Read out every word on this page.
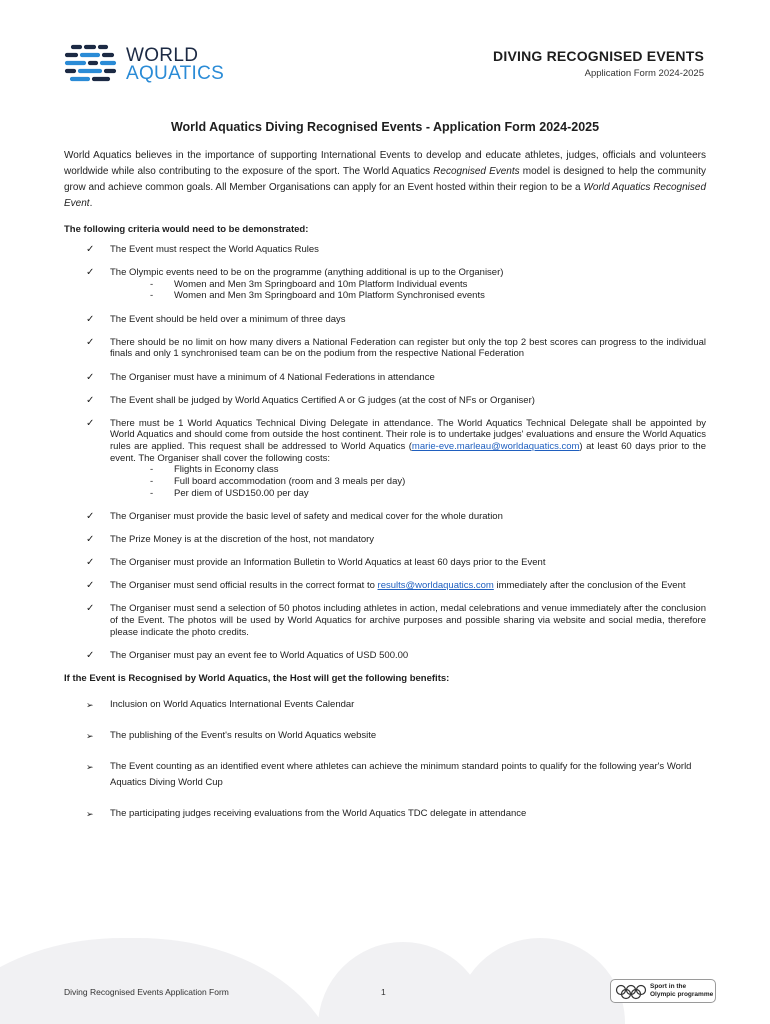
WORLD
AQUATICS
DIVING RECOGNISED EVENTS
Application Form 2024-2025
World Aquatics Diving Recognised Events - Application Form 2024-2025

World Aquatics believes in the importance of supporting International Events to develop and educate athletes, judges, officials and volunteers worldwide while also contributing to the exposure of the sport. The World Aquatics Recognised Events model is designed to help the community grow and achieve common goals. All Member Organisations can apply for an Event hosted within their region to be a World Aquatics Recognised Event.

The following criteria would need to be demonstrated:
✓ The Event must respect the World Aquatics Rules
✓ The Olympic events need to be on the programme (anything additional is up to the Organiser)
- Women and Men 3m Springboard and 10m Platform Individual events
- Women and Men 3m Springboard and 10m Platform Synchronised events
✓ The Event should be held over a minimum of three days
✓ There should be no limit on how many divers a National Federation can register but only the top 2 best scores can progress to the individual finals and only 1 synchronised team can be on the podium from the respective National Federation
✓ The Organiser must have a minimum of 4 National Federations in attendance
✓ The Event shall be judged by World Aquatics Certified A or G judges (at the cost of NFs or Organiser)
✓ There must be 1 World Aquatics Technical Diving Delegate in attendance. The World Aquatics Technical Delegate shall be appointed by World Aquatics and should come from outside the host continent. Their role is to undertake judges' evaluations and ensure the World Aquatics rules are applied. This request shall be addressed to World Aquatics (marie-eve.marleau@worldaquatics.com) at least 60 days prior to the event. The Organiser shall cover the following costs:
- Flights in Economy class
- Full board accommodation (room and 3 meals per day)
- Per diem of USD150.00 per day
✓ The Organiser must provide the basic level of safety and medical cover for the whole duration
✓ The Prize Money is at the discretion of the host, not mandatory
✓ The Organiser must provide an Information Bulletin to World Aquatics at least 60 days prior to the Event
✓ The Organiser must send official results in the correct format to results@worldaquatics.com immediately after the conclusion of the Event
✓ The Organiser must send a selection of 50 photos including athletes in action, medal celebrations and venue immediately after the conclusion of the Event. The photos will be used by World Aquatics for archive purposes and possible sharing via website and social media, therefore please indicate the photo credits.
✓ The Organiser must pay an event fee to World Aquatics of USD 500.00
If the Event is Recognised by World Aquatics, the Host will get the following benefits:
➢ Inclusion on World Aquatics International Events Calendar
➢ The publishing of the Event's results on World Aquatics website
➢ The Event counting as an identified event where athletes can achieve the minimum standard points to qualify for the following year's World Aquatics Diving World Cup
➢ The participating judges receiving evaluations from the World Aquatics TDC delegate in attendance
Diving Recognised Events Application Form	1
Sport in the
Olympic programme
